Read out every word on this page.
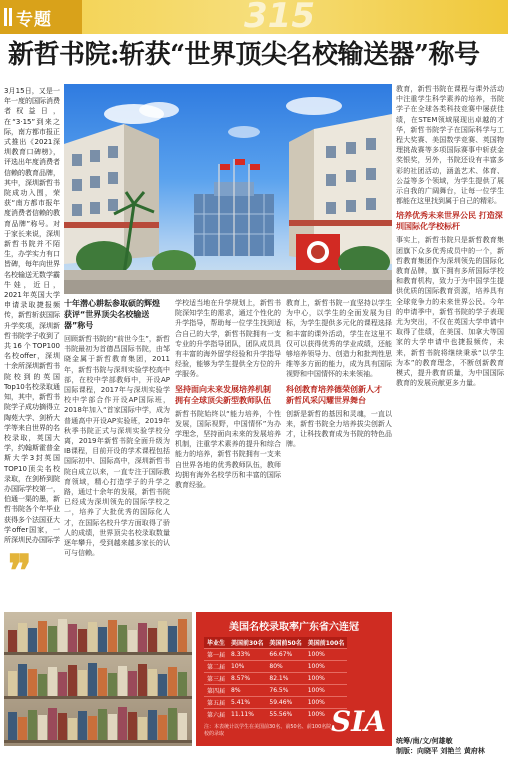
专题	315
新哲书院:斩获“世界顶尖名校输送器”称号

3月15日，又是一年一度的国际消费者权益日，在“3·15”到来之际，南方都市报正式推出《2021深圳教育口碑榜》，评选出年度消费者信赖的教育品牌，其中，深圳新哲书院成功入围，荣获“南方都市报年度消费者信赖的教育品牌”称号。对于家长来说，深圳新哲书院并不陌生，办学实力有口皆碑，每年向世界名校输送无数学霸牛娃，近日，2021年英国大学申请录取捷报频传，新哲斩获国际升学奖项，深圳新哲书院学子收到了共16个TOP100名校offer，深圳十余所深圳新哲书院校到的英国Top10名校录取通知，其中，新哲书院学子成功摘得立陶苑大学、剑桥大学等来自世界的名校录取，英国大学，约翰斯霍普金斯大学3封英国TOP10顶尖名校录取，在剑桥到院办国际学校第一，伯通一渠的墨，新哲书院各个年毕业获得多个法国亚大学offer国家，一所深圳民办国际学

❞
十年潜心耕耘参取硕的辉煌 获评“世界顶尖名校输送器”称号

回顾新哲书院的“前世今生”，新哲书院最初为首德昌国际书院，由邹晓金属于新哲教育集团，2011年，新哲书院与深圳实验学校高中部，在校中学部教师中，开设AP国际课程，2017年与深圳实验学校中学部合作开设AP国际班，2018年加入“首家国际中学，成为普通高中开设AP实验班，2019年秋季书院正式与深圳实验学校分离，2019年新哲书院全面升级为IB课程，目前开设的学术课程包括国际初中、国际高中，深圳新哲书院自成立以来，一直专注于国际教育领域，精心打造学子的升学之路，通过十余年的发展，新哲书院已经成为深圳领先的国际学校之一，培养了大批优秀的国际化人才，在国际名校升学方面取得了骄人的成绩，世界顶尖名校录取数量逐年攀升，受到越来越多家长的认可与信赖。

学校适当地在升学规划上，新哲书院深知学生的需求，通过个性化的升学指导，帮助每一位学生找到适合自己的大学，新哲书院拥有一支专业的升学指导团队，团队成员具有丰富的海外留学经验和升学指导经验，能够为学生提供全方位的升学服务。

坚持面向未来发展培养机制 拥有全球顶尖新型教师队伍

新哲书院始终以“能力培养，个性发展，国际视野，中国情怀”为办学理念，坚持面向未来的发展培养机制，注重学术素养的提升和综合能力的培养，新哲书院拥有一支来自世界各地的优秀教师队伍，教师均拥有海外名校学历和丰富的国际教育经验。

教育上，新哲书院一直坚持以学生为中心，以学生的全面发展为目标，为学生提供多元化的课程选择和丰富的课外活动，学生在这里不仅可以获得优秀的学业成绩，还能够培养领导力、创造力和批判性思维等多方面的能力，成为具有国际视野和中国情怀的未来领袖。

科创教育培养德荣创新人才 新哲风采闪耀世界舞台

创新是新哲的基因和灵魂，一直以来，新哲书院全力培养拔尖创新人才，让科技教育成为书院的特色品牌。

教育，新哲书院在课程与课外活动中注重学生科学素养的培养，书院学子在全球各类科技竞赛中屡获佳绩，在STEM领域展现出卓越的才华，新哲书院学子在国际科学与工程大奖赛、美国数学竞赛、英国物理挑战赛等多项国际赛事中斩获金奖银奖，另外，书院还设有丰富多彩的社团活动，涵盖艺术、体育、公益等多个领域，为学生提供了展示自我的广阔舞台，让每一位学生都能在这里找到属于自己的精彩。

培养优秀未来世界公民 打造深圳国际化学校标杆

事实上，新哲书院只是新哲教育集团旗下众多优秀成员中的一个，新哲教育集团作为深圳领先的国际化教育品牌，旗下拥有多所国际学校和教育机构，致力于为中国学生提供优质的国际教育资源，培养具有全球竞争力的未来世界公民。今年的申请季中，新哲书院的学子表现尤为突出，不仅在英国大学申请中取得了佳绩，在美国、加拿大等国家的大学申请中也捷报频传，未来，新哲书院将继续秉承“以学生为本”的教育理念，不断创新教育模式，提升教育质量，为中国国际教育的发展贡献更多力量。

美国名校录取率广东省六连冠
毕业生	美国前30名	美国前50名	美国前100名
第一届	8.33%	66.67%	100%
第二届	10%	80%	100%
第三届	8.57%	82.1%	100%
第四届	8%	76.5%	100%
第五届	5.41%	59.46%	100%
第六届	11.11%	55.56%	100%
注：本表统计以学生在美国前30名、前50名、前100名院校的录取	SIA
统筹/南/文/何雄敏
制版：向晓平 刘艳兰 黄府林
